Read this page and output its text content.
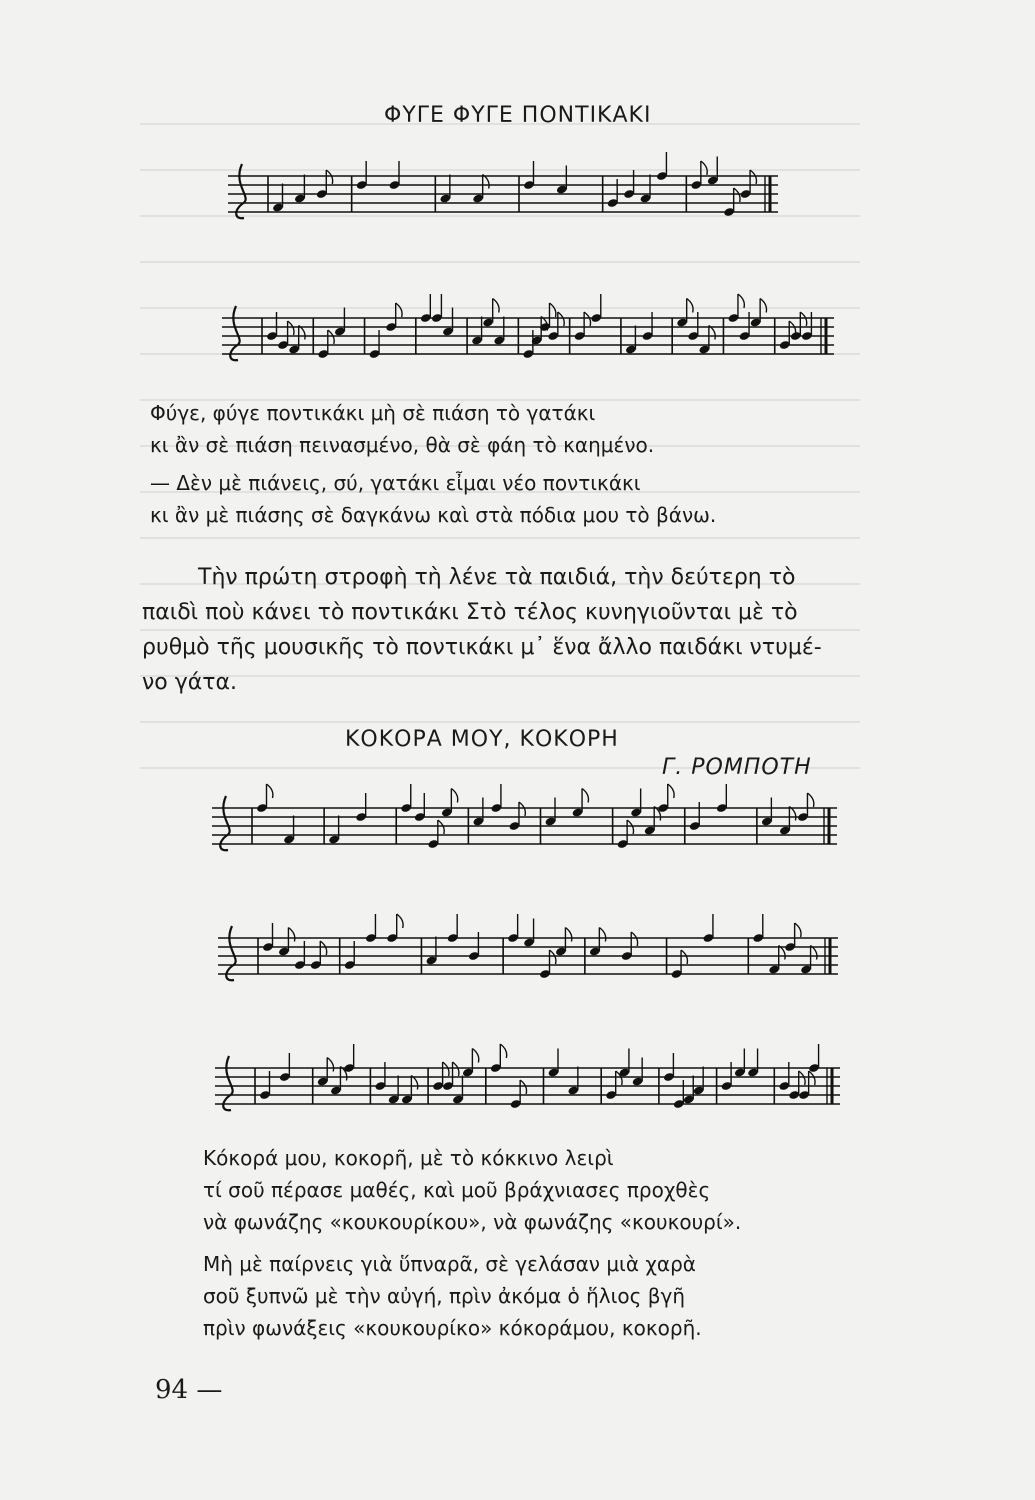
ΦΥΓΕ ΦΥΓΕ ΠΟΝΤΙΚΑΚΙ
Φύγε, φύγε ποντικάκι μὴ σὲ πιάση τὸ γατάκι
κι ἂν σὲ πιάση πεινασμένο, θὰ σὲ φάη τὸ καημένο.
— Δὲν μὲ πιάνεις, σύ, γατάκι εἶμαι νέο ποντικάκι
κι ἂν μὲ πιάσης σὲ δαγκάνω καὶ στὰ πόδια μου τὸ βάνω.
Τὴν πρώτη στροφὴ τὴ λένε τὰ παιδιά, τὴν δεύτερη τὸ
παιδὶ ποὺ κάνει τὸ ποντικάκι Στὸ τέλος κυνηγιοῦνται μὲ τὸ
ρυθμὸ τῆς μουσικῆς τὸ ποντικάκι μ᾽ ἕνα ἄλλο παιδάκι ντυμέ-
νο γάτα.
ΚΟΚΟΡΑ ΜΟΥ, ΚΟΚΟΡΗ
Γ. ΡΟΜΠΟΤΗ
Κόκορά μου, κοκορῆ, μὲ τὸ κόκκινο λειρὶ
τί σοῦ πέρασε μαθές, καὶ μοῦ βράχνιασες προχθὲς
νὰ φωνάζης «κουκουρίκου», νὰ φωνάζης «κουκουρί».
Μὴ μὲ παίρνεις γιὰ ὕπναρᾶ, σὲ γελάσαν μιὰ χαρὰ
σοῦ ξυπνῶ μὲ τὴν αὐγή, πρὶν ἀκόμα ὁ ἥλιος βγῆ
πρὶν φωνάξεις «κουκουρίκο» κόκοράμου, κοκορῆ.
94 —
